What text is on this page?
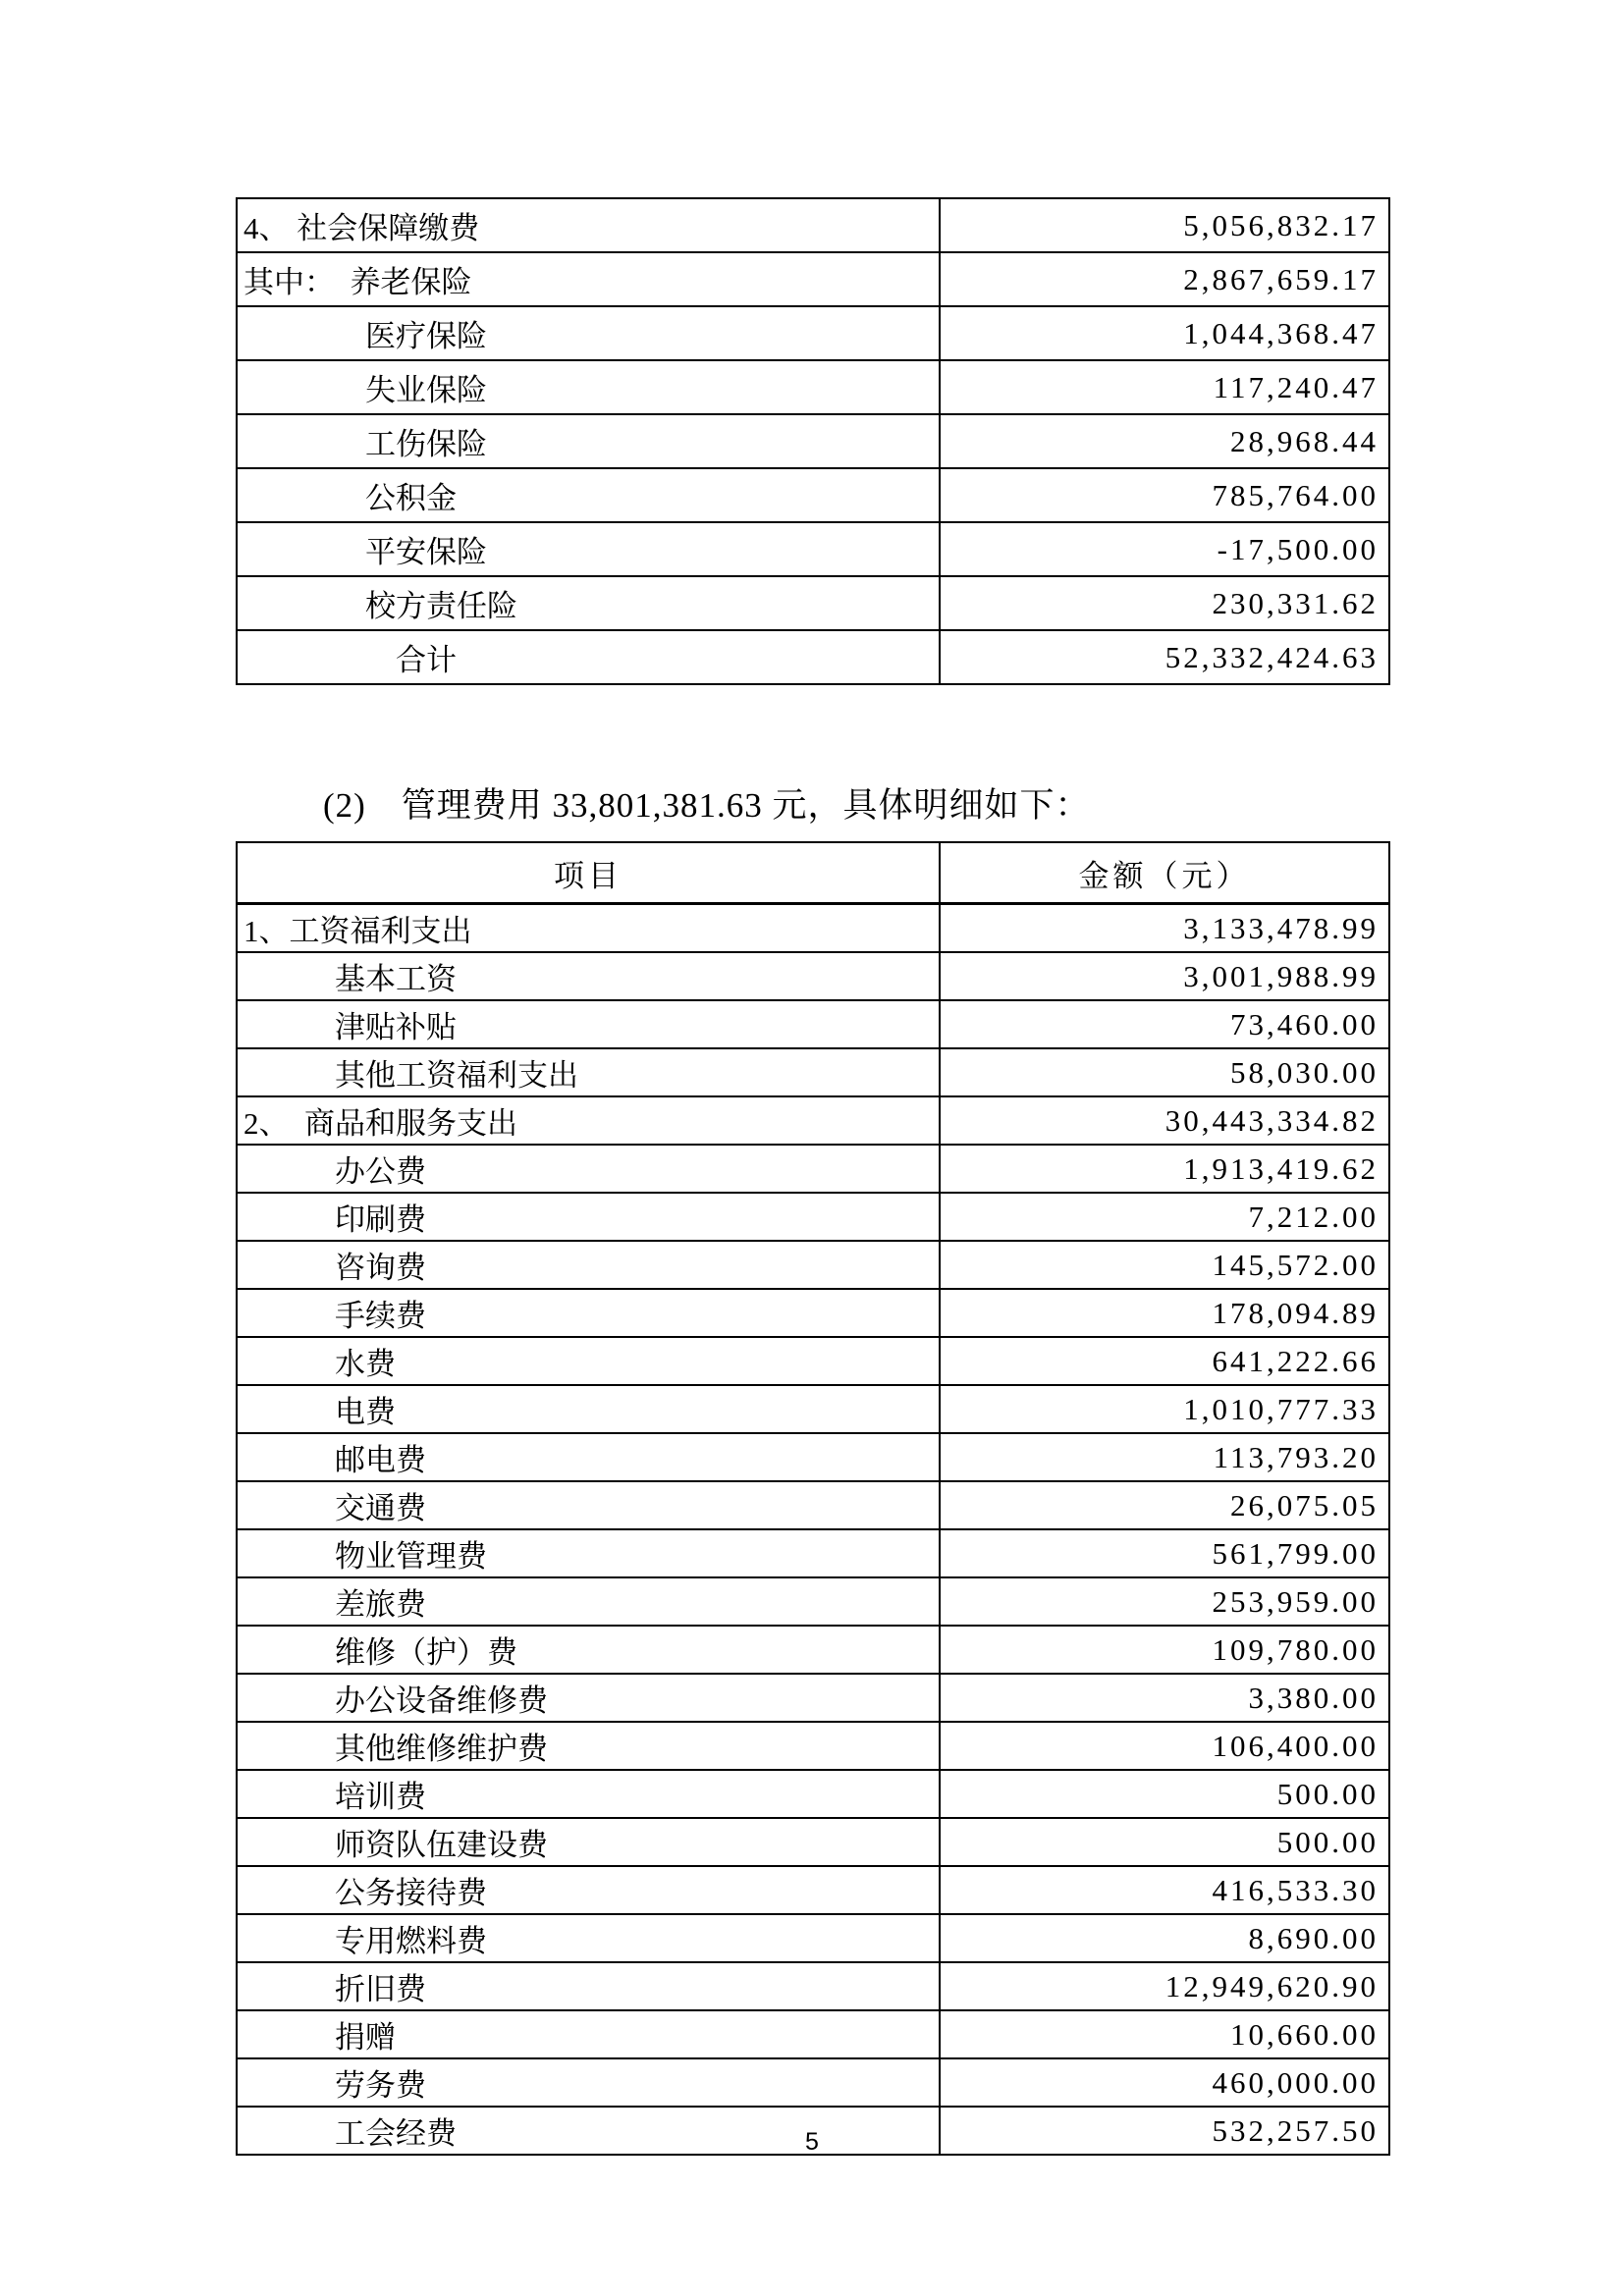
4、 社会保障缴费	5,056,832.17
其中：　养老保险	2,867,659.17
　　　　医疗保险	1,044,368.47
　　　　失业保险	117,240.47
　　　　工伤保险	28,968.44
　　　　公积金	785,764.00
　　　　平安保险	-17,500.00
　　　　校方责任险	230,331.62
　　　　　合计	52,332,424.63
(2)　管理费用 33,801,381.63 元，具体明细如下：
项目	金额（元）
1、工资福利支出	3,133,478.99
　　　基本工资	3,001,988.99
　　　津贴补贴	73,460.00
　　　其他工资福利支出	58,030.00
2、　商品和服务支出	30,443,334.82
　　　办公费	1,913,419.62
　　　印刷费	7,212.00
　　　咨询费	145,572.00
　　　手续费	178,094.89
　　　水费	641,222.66
　　　电费	1,010,777.33
　　　邮电费	113,793.20
　　　交通费	26,075.05
　　　物业管理费	561,799.00
　　　差旅费	253,959.00
　　　维修（护）费	109,780.00
　　　办公设备维修费	3,380.00
　　　其他维修维护费	106,400.00
　　　培训费	500.00
　　　师资队伍建设费	500.00
　　　公务接待费	416,533.30
　　　专用燃料费	8,690.00
　　　折旧费	12,949,620.90
　　　捐赠	10,660.00
　　　劳务费	460,000.00
　　　工会经费	532,257.50
5
